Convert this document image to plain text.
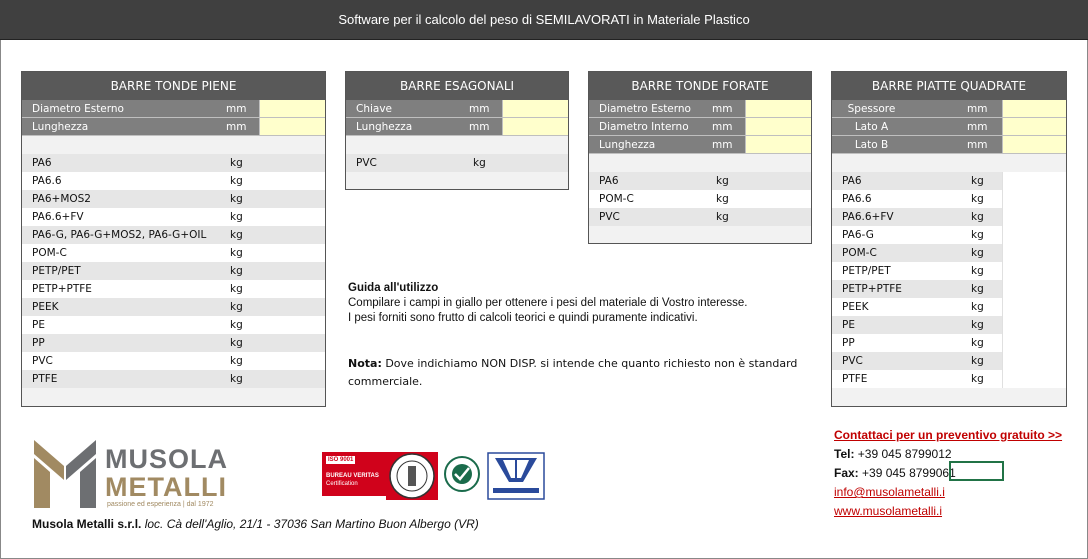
Software per il calcolo del peso di SEMILAVORATI in Materiale Plastico
BARRE TONDE PIENE
Diametro Esterno	mm
Lunghezza	mm
PA6	kg
PA6.6	kg
PA6+MOS2	kg
PA6.6+FV	kg
PA6-G, PA6-G+MOS2, PA6-G+OIL kg
POM-C	kg
PETP/PET	kg
PETP+PTFE	kg
PEEK	kg
PE	kg
PP	kg
PVC	kg
PTFE	kg
BARRE ESAGONALI
Chiave	mm
Lunghezza	mm
PVC	kg
BARRE TONDE FORATE
Diametro Esterno mm
Diametro Interno mm
Lunghezza	mm
PA6	kg
POM-C	kg
PVC	kg
BARRE PIATTE QUADRATE
Spessore	mm
Lato A	mm
Lato B	mm
PA6	kg
PA6.6	kg
PA6.6+FV	kg
PA6-G	kg
POM-C	kg
PETP/PET	kg
PETP+PTFE	kg
PEEK	kg
PE	kg
PP	kg
PVC	kg
PTFE	kg
Guida all'utilizzo
Compilare i campi in giallo per ottenere i pesi del materiale di Vostro interesse.
I pesi forniti sono frutto di calcoli teorici e quindi puramente indicativi.
Nota: Dove indichiamo NON DISP. si intende che quanto richiesto non è standard commerciale.
MUSOLA
METALLI
passione ed esperienza | dal 1972
Musola Metalli s.r.l. loc. Cà dell'Aglio, 21/1 - 37036 San Martino Buon Albergo (VR)
ISO 9001
BUREAU VERITAS
Certification
Contattaci per un preventivo gratuito >>
Tel: +39 045 8799012
Fax: +39 045 8799061
info@musolametalli.i
www.musolametalli.i
